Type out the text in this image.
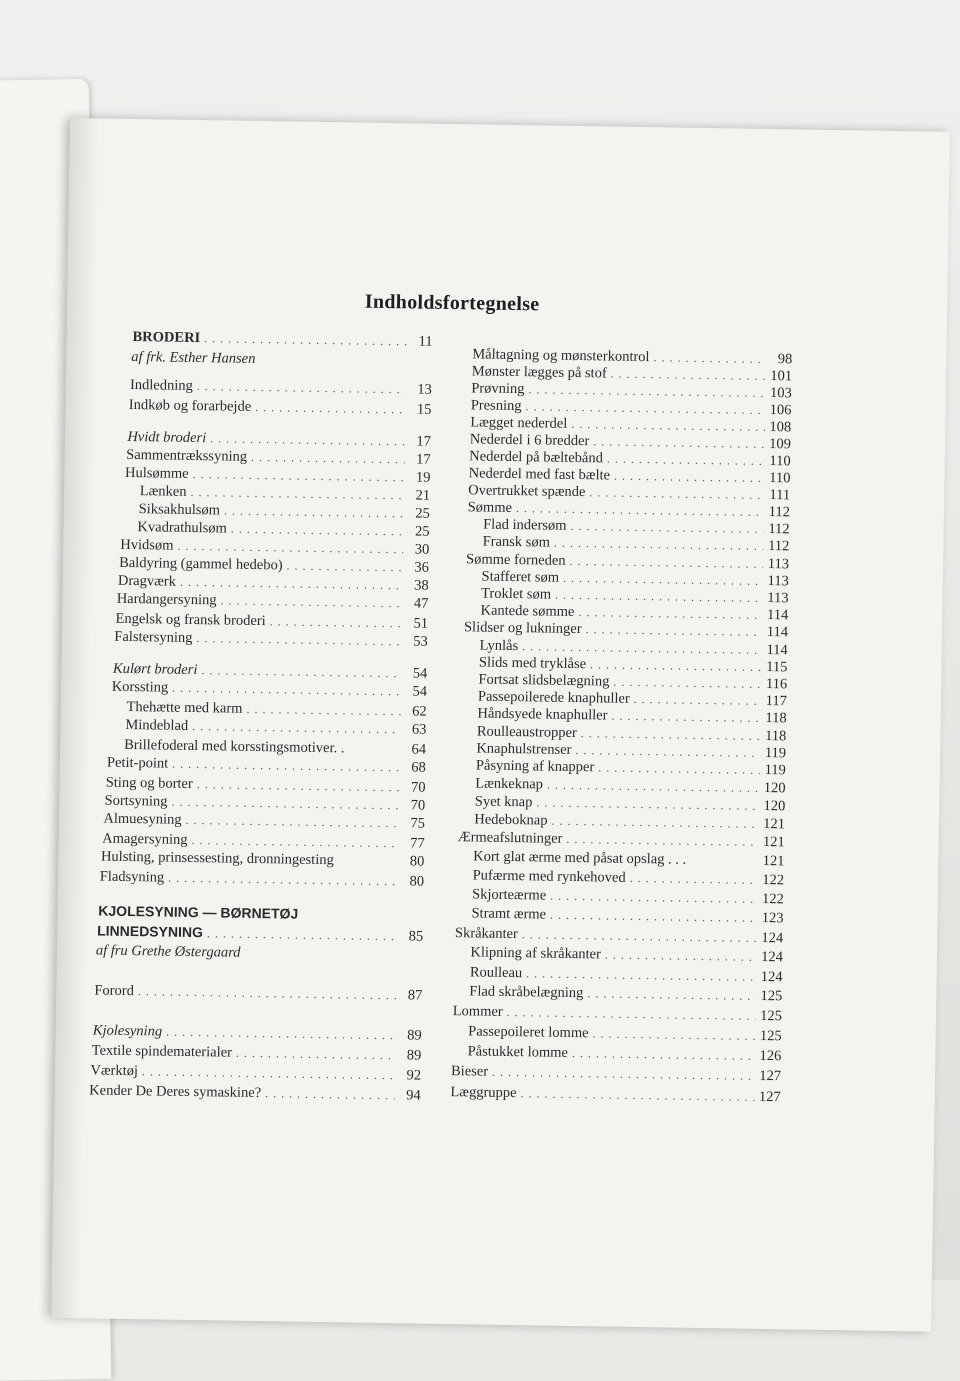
Indholdsfortegnelse
BRODERI . . .	11
af frk. Esther Hansen
Indledning . . .	13
Indkøb og forarbejde . . .	15
Hvidt broderi . . .	17
Sammentrækssyning . . .	17
Hulsømme . . .	19
Lænken . . .	21
Siksakhulsøm . . .	25
Kvadrathulsøm . . .	25
Hvidsøm . . .	30
Baldyring (gammel hedebo) . . .	36
Dragværk . . .	38
Hardangersyning . . .	47
Engelsk og fransk broderi . . .	51
Falstersyning . . .	53
Kulørt broderi . . .	54
Korssting . . .	54
Thehætte med karm . . .	62
Mindeblad . . .	63
Brillefoderal med korsstingsmotiver. .	64
Petit-point . . .	68
Sting og borter . . .	70
Sortsyning . . .	70
Almuesyning . . .	75
Amagersyning . . .	77
Hulsting, prinsessesting, dronningesting	80
Fladsyning . . .	80
KJOLESYNING — BØRNETØJ
LINNEDSYNING . . .	85
af fru Grethe Østergaard
Forord . . .	87
Kjolesyning . . .	89
Textile spindematerialer . . .	89
Værktøj . . .	92
Kender De Deres symaskine? . . .	94
Måltagning og mønsterkontrol . . .	98
Mønster lægges på stof . . .	101
Prøvning . . .	103
Presning . . .	106
Lægget nederdel . . .	108
Nederdel i 6 bredder . . .	109
Nederdel på bæltebånd . . .	110
Nederdel med fast bælte . . .	110
Overtrukket spænde . . .	111
Sømme . . .	112
Flad indersøm . . .	112
Fransk søm . . .	112
Sømme forneden . . .	113
Stafferet søm . . .	113
Troklet søm . . .	113
Kantede sømme . . .	114
Slidser og lukninger . . .	114
Lynlås . . .	114
Slids med tryklåse . . .	115
Fortsat slidsbelægning . . .	116
Passepoilerede knaphuller . . .	117
Håndsyede knaphuller . . .	118
Roulleaustropper . . .	118
Knaphulstrenser . . .	119
Påsyning af knapper . . .	119
Lænkeknap . . .	120
Syet knap . . .	120
Hedeboknap . . .	121
Ærmeafslutninger . . .	121
Kort glat ærme med påsat opslag . . .	121
Pufærme med rynkehoved . . .	122
Skjorteærme . . .	122
Stramt ærme . . .	123
Skråkanter . . .	124
Klipning af skråkanter . . .	124
Roulleau . . .	124
Flad skråbelægning . . .	125
Lommer . . .	125
Passepoileret lomme . . .	125
Påstukket lomme . . .	126
Bieser . . .	127
Læggruppe . . .	127
